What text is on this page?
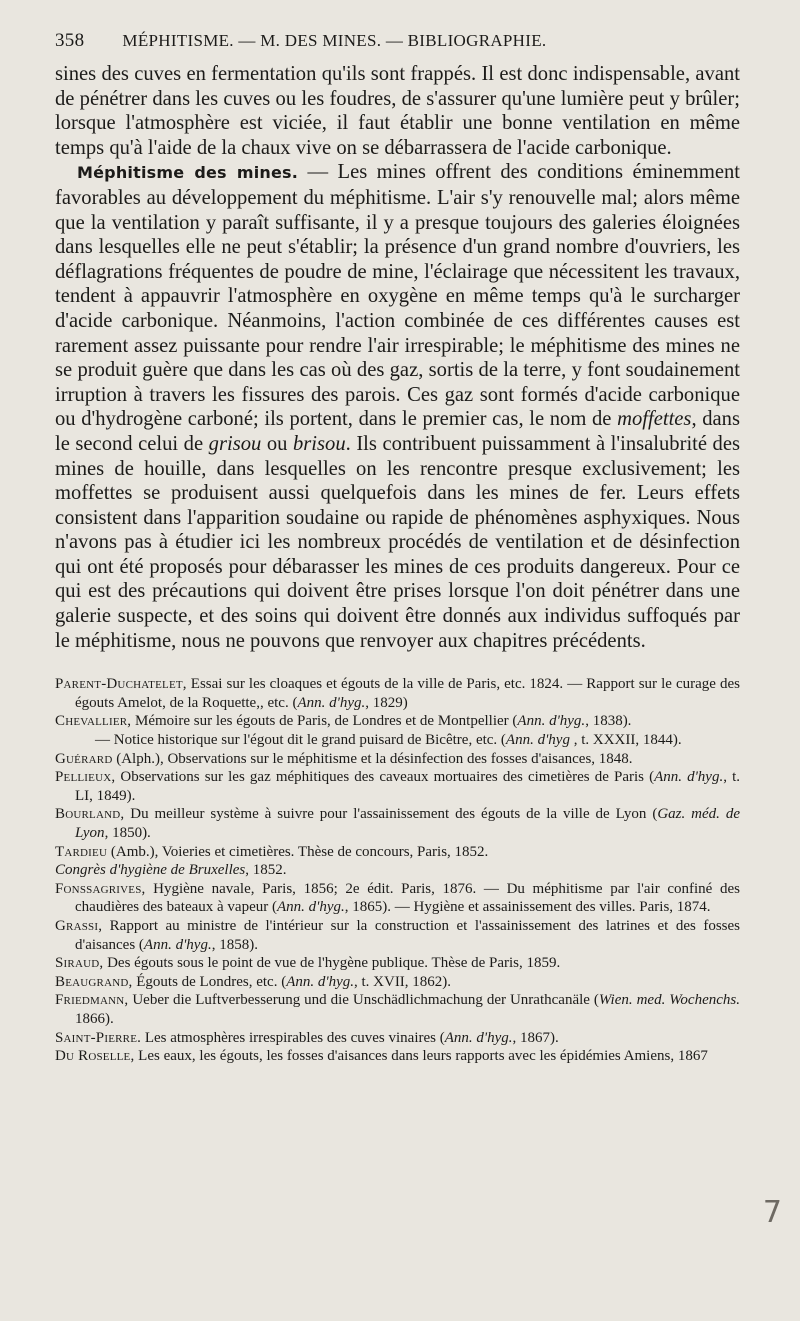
358 MÉPHITISME. — M. DES MINES. — BIBLIOGRAPHIE.

sines des cuves en fermentation qu'ils sont frappés. Il est donc indispensable, avant de pénétrer dans les cuves ou les foudres, de s'assurer qu'une lumière peut y brûler; lorsque l'atmosphère est viciée, il faut établir une bonne ventilation en même temps qu'à l'aide de la chaux vive on se débarrassera de l'acide carbonique.

Méphitisme des mines. — Les mines offrent des conditions éminemment favorables au développement du méphitisme. L'air s'y renouvelle mal; alors même que la ventilation y paraît suffisante, il y a presque toujours des galeries éloignées dans lesquelles elle ne peut s'établir; la présence d'un grand nombre d'ouvriers, les déflagrations fréquentes de poudre de mine, l'éclairage que nécessitent les travaux, tendent à appauvrir l'atmosphère en oxygène en même temps qu'à le surcharger d'acide carbonique. Néanmoins, l'action combinée de ces différentes causes est rarement assez puissante pour rendre l'air irrespirable; le méphitisme des mines ne se produit guère que dans les cas où des gaz, sortis de la terre, y font soudainement irruption à travers les fissures des parois. Ces gaz sont formés d'acide carbonique ou d'hydrogène carboné; ils portent, dans le premier cas, le nom de moffettes, dans le second celui de grisou ou brisou. Ils contribuent puissamment à l'insalubrité des mines de houille, dans lesquelles on les rencontre presque exclusivement; les moffettes se produisent aussi quelquefois dans les mines de fer. Leurs effets consistent dans l'apparition soudaine ou rapide de phénomènes asphyxiques. Nous n'avons pas à étudier ici les nombreux procédés de ventilation et de désinfection qui ont été proposés pour débarasser les mines de ces produits dangereux. Pour ce qui est des précautions qui doivent être prises lorsque l'on doit pénétrer dans une galerie suspecte, et des soins qui doivent être donnés aux individus suffoqués par le méphitisme, nous ne pouvons que renvoyer aux chapitres précédents.

Parent-Duchatelet, Essai sur les cloaques et égouts de la ville de Paris, etc. 1824. — Rapport sur le curage des égouts Amelot, de la Roquette,, etc. (Ann. d'hyg., 1829)
Chevallier, Mémoire sur les égouts de Paris, de Londres et de Montpellier (Ann. d'hyg., 1838).
— Notice historique sur l'égout dit le grand puisard de Bicêtre, etc. (Ann. d'hyg , t. XXXII, 1844).
Guérard (Alph.), Observations sur le méphitisme et la désinfection des fosses d'aisances, 1848.
Pellieux, Observations sur les gaz méphitiques des caveaux mortuaires des cimetières de Paris (Ann. d'hyg., t. LI, 1849).
Bourland, Du meilleur système à suivre pour l'assainissement des égouts de la ville de Lyon (Gaz. méd. de Lyon, 1850).
Tardieu (Amb.), Voieries et cimetières. Thèse de concours, Paris, 1852.
Congrès d'hygiène de Bruxelles, 1852.
Fonssagrives, Hygiène navale, Paris, 1856; 2e édit. Paris, 1876. — Du méphitisme par l'air confiné des chaudières des bateaux à vapeur (Ann. d'hyg., 1865). — Hygiène et assainissement des villes. Paris, 1874.
Grassi, Rapport au ministre de l'intérieur sur la construction et l'assainissement des latrines et des fosses d'aisances (Ann. d'hyg., 1858).
Siraud, Des égouts sous le point de vue de l'hygène publique. Thèse de Paris, 1859.
Beaugrand, Égouts de Londres, etc. (Ann. d'hyg., t. XVII, 1862).
Friedmann, Ueber die Luftverbesserung und die Unschädlichmachung der Unrathcanäle (Wien. med. Wochenchs. 1866).
Saint-Pierre. Les atmosphères irrespirables des cuves vinaires (Ann. d'hyg., 1867).
Du Roselle, Les eaux, les égouts, les fosses d'aisances dans leurs rapports avec les épidémies Amiens, 1867
7
